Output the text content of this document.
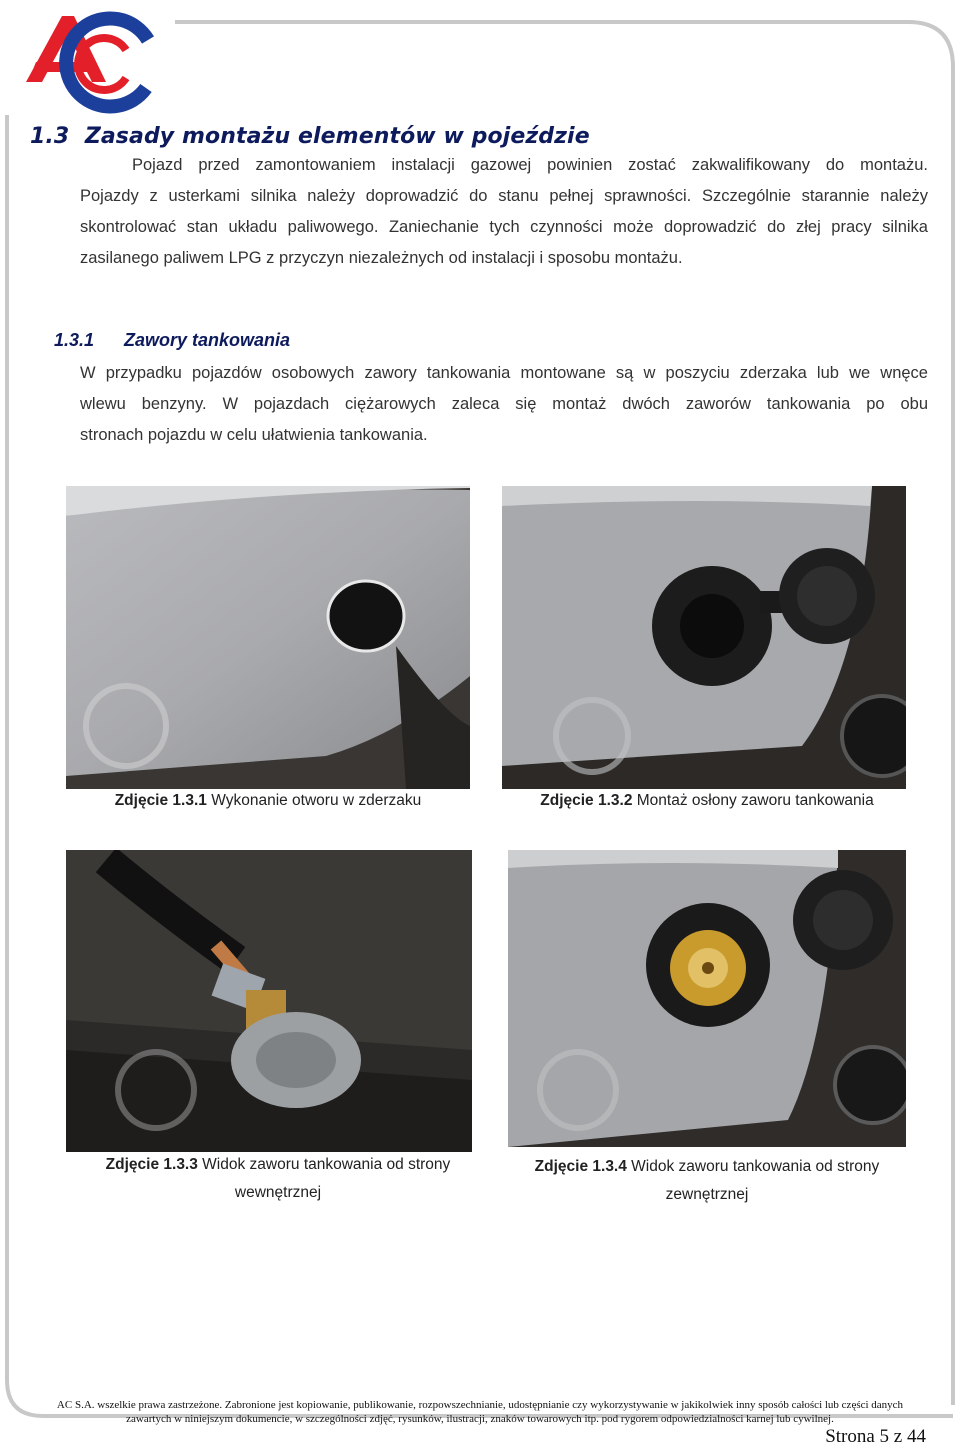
1.3 Zasady montażu elementów w pojeździe
Pojazd przed zamontowaniem instalacji gazowej powinien zostać zakwalifikowany do montażu.
Pojazdy z usterkami silnika należy doprowadzić do stanu pełnej sprawności. Szczególnie starannie należy
skontrolować stan układu paliwowego. Zaniechanie tych czynności może doprowadzić do złej pracy silnika
zasilanego paliwem LPG z przyczyn niezależnych od instalacji i sposobu montażu.
1.3.1 Zawory tankowania
W przypadku pojazdów osobowych zawory tankowania montowane są w poszyciu zderzaka lub we wnęce
wlewu benzyny. W pojazdach ciężarowych zaleca się montaż dwóch zaworów tankowania po obu
stronach pojazdu w celu ułatwienia tankowania.
Zdjęcie 1.3.1 Wykonanie otworu w zderzaku	Zdjęcie 1.3.2 Montaż osłony zaworu tankowania
Zdjęcie 1.3.3 Widok zaworu tankowania od strony
wewnętrznej
Zdjęcie 1.3.4 Widok zaworu tankowania od strony
zewnętrznej
AC S.A. wszelkie prawa zastrzeżone. Zabronione jest kopiowanie, publikowanie, rozpowszechnianie, udostępnianie czy wykorzystywanie w jakikolwiek inny sposób całości lub części danych
zawartych w niniejszym dokumencie, w szczególności zdjęć, rysunków, ilustracji, znaków towarowych itp. pod rygorem odpowiedzialności karnej lub cywilnej.
Strona 5 z 44
